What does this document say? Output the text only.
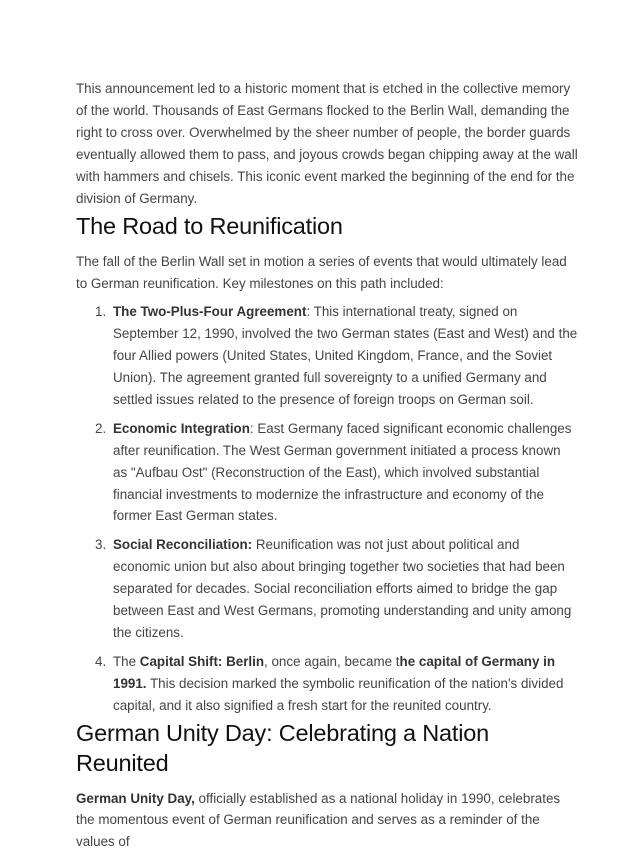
This announcement led to a historic moment that is etched in the collective memory of the world. Thousands of East Germans flocked to the Berlin Wall, demanding the right to cross over. Overwhelmed by the sheer number of people, the border guards eventually allowed them to pass, and joyous crowds began chipping away at the wall with hammers and chisels. This iconic event marked the beginning of the end for the division of Germany.

The Road to Reunification

The fall of the Berlin Wall set in motion a series of events that would ultimately lead to German reunification. Key milestones on this path included:

1. The Two-Plus-Four Agreement: This international treaty, signed on September 12, 1990, involved the two German states (East and West) and the four Allied powers (United States, United Kingdom, France, and the Soviet Union). The agreement granted full sovereignty to a unified Germany and settled issues related to the presence of foreign troops on German soil.
2. Economic Integration: East Germany faced significant economic challenges after reunification. The West German government initiated a process known as "Aufbau Ost" (Reconstruction of the East), which involved substantial financial investments to modernize the infrastructure and economy of the former East German states.
3. Social Reconciliation: Reunification was not just about political and economic union but also about bringing together two societies that had been separated for decades. Social reconciliation efforts aimed to bridge the gap between East and West Germans, promoting understanding and unity among the citizens.
4. The Capital Shift: Berlin, once again, became the capital of Germany in 1991. This decision marked the symbolic reunification of the nation's divided capital, and it also signified a fresh start for the reunited country.
German Unity Day: Celebrating a Nation Reunited

German Unity Day, officially established as a national holiday in 1990, celebrates the momentous event of German reunification and serves as a reminder of the values of
